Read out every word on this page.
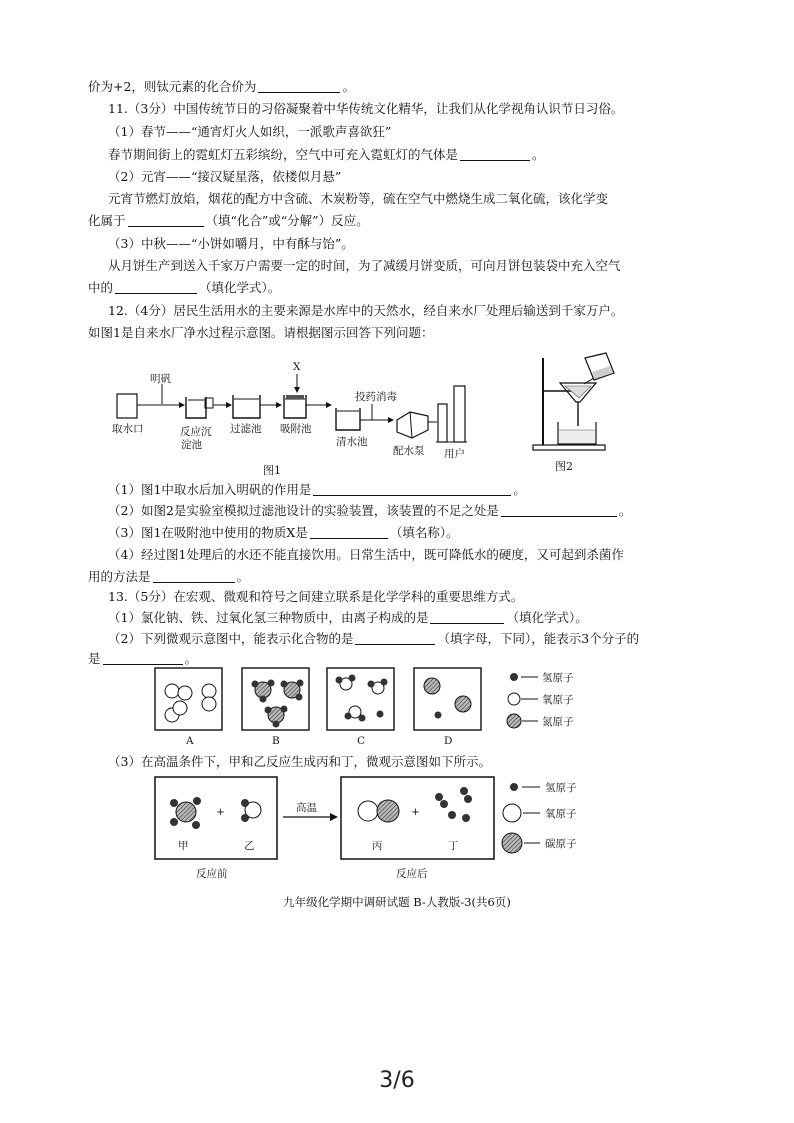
价为+2，则钛元素的化合价为	。
11.（3分）中国传统节日的习俗凝聚着中华传统文化精华，让我们从化学视角认识节日习俗。
（1）春节——“通宵灯火人如织，一派歌声喜欲狂”
春节期间街上的霓虹灯五彩缤纷，空气中可充入霓虹灯的气体是	。
（2）元宵——“接汉疑星落，依楼似月悬”
元宵节燃灯放焰，烟花的配方中含硫、木炭粉等，硫在空气中燃烧生成二氧化硫，该化学变
化属于	（填“化合”或“分解”）反应。
（3）中秋——“小饼如嚼月，中有酥与饴”。
从月饼生产到送入千家万户需要一定的时间，为了减缓月饼变质，可向月饼包装袋中充入空气
中的	（填化学式）。
12.（4分）居民生活用水的主要来源是水库中的天然水，经自来水厂处理后输送到千家万户。
如图1是自来水厂净水过程示意图。请根据图示回答下列问题：
取水口
明矾
X
反应沉
淀池
过滤池 吸附池
投药消毒
清水池
配水泵 用户
图1	图2
（1）图1中取水后加入明矾的作用是	。
（2）如图2是实验室模拟过滤池设计的实验装置，该装置的不足之处是	。
（3）图1在吸附池中使用的物质X是	（填名称）。
（4）经过图1处理后的水还不能直接饮用。日常生活中，既可降低水的硬度，又可起到杀菌作
用的方法是	。
13.（5分）在宏观、微观和符号之间建立联系是化学学科的重要思维方式。
（1）氯化钠、铁、过氧化氢三种物质中，由离子构成的是	（填化学式）。
（2）下列微观示意图中，能表示化合物的是	（填字母，下同），能表示3个分子的
是	。
A	B	C	D
氢原子
氧原子
氮原子
（3）在高温条件下，甲和乙反应生成丙和丁，微观示意图如下所示。
高温
+	+
甲	乙	丙	丁
反应前	反应后
氢原子
氧原子
碳原子
九年级化学期中调研试题 B-人教版-3(共6页)
3/6
